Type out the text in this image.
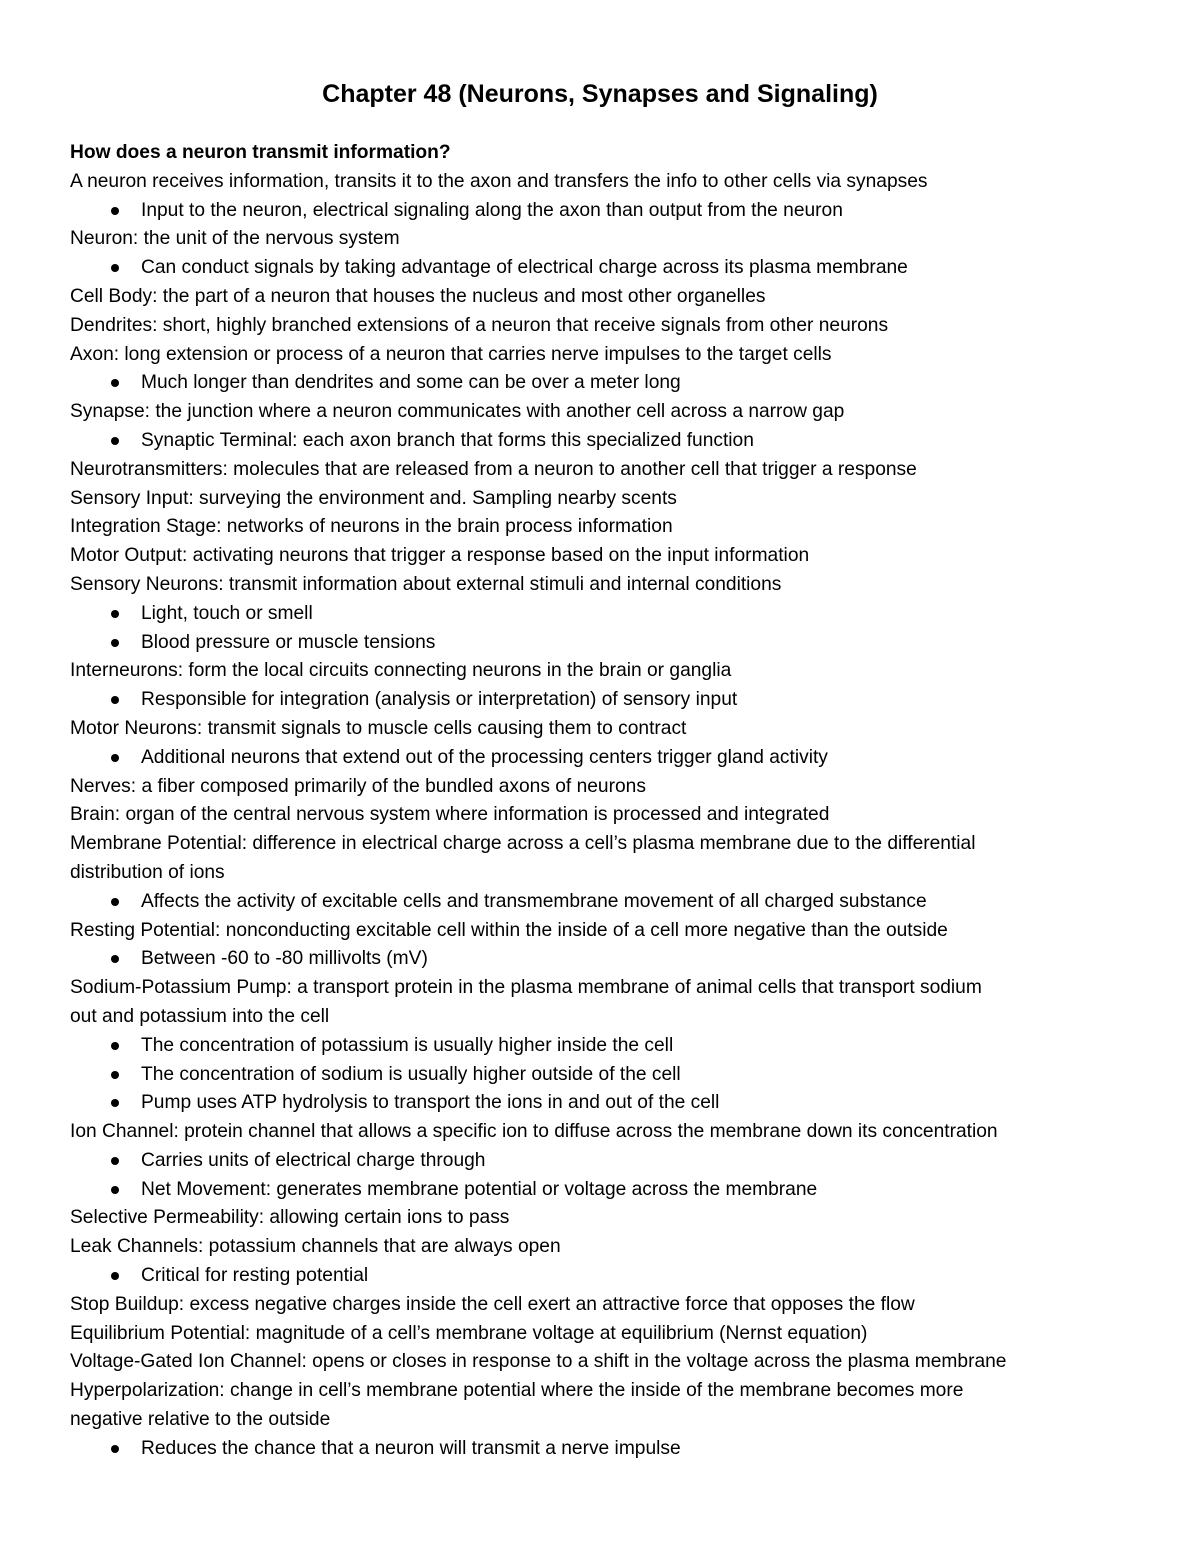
Chapter 48 (Neurons, Synapses and Signaling)
How does a neuron transmit information?
A neuron receives information, transits it to the axon and transfers the info to other cells via synapses
Input to the neuron, electrical signaling along the axon than output from the neuron
Neuron: the unit of the nervous system
Can conduct signals by taking advantage of electrical charge across its plasma membrane
Cell Body: the part of a neuron that houses the nucleus and most other organelles
Dendrites: short, highly branched extensions of a neuron that receive signals from other neurons
Axon: long extension or process of a neuron that carries nerve impulses to the target cells
Much longer than dendrites and some can be over a meter long
Synapse: the junction where a neuron communicates with another cell across a narrow gap
Synaptic Terminal: each axon branch that forms this specialized function
Neurotransmitters: molecules that are released from a neuron to another cell that trigger a response
Sensory Input: surveying the environment and. Sampling nearby scents
Integration Stage: networks of neurons in the brain process information
Motor Output: activating neurons that trigger a response based on the input information
Sensory Neurons: transmit information about external stimuli and internal conditions
Light, touch or smell
Blood pressure or muscle tensions
Interneurons: form the local circuits connecting neurons in the brain or ganglia
Responsible for integration (analysis or interpretation) of sensory input
Motor Neurons: transmit signals to muscle cells causing them to contract
Additional neurons that extend out of the processing centers trigger gland activity
Nerves: a fiber composed primarily of the bundled axons of neurons
Brain: organ of the central nervous system where information is processed and integrated
Membrane Potential: difference in electrical charge across a cell’s plasma membrane due to the differential
distribution of ions
Affects the activity of excitable cells and transmembrane movement of all charged substance
Resting Potential: nonconducting excitable cell within the inside of a cell more negative than the outside
Between -60 to -80 millivolts (mV)
Sodium-Potassium Pump: a transport protein in the plasma membrane of animal cells that transport sodium
out and potassium into the cell
The concentration of potassium is usually higher inside the cell
The concentration of sodium is usually higher outside of the cell
Pump uses ATP hydrolysis to transport the ions in and out of the cell
Ion Channel: protein channel that allows a specific ion to diffuse across the membrane down its concentration
Carries units of electrical charge through
Net Movement: generates membrane potential or voltage across the membrane
Selective Permeability: allowing certain ions to pass
Leak Channels: potassium channels that are always open
Critical for resting potential
Stop Buildup: excess negative charges inside the cell exert an attractive force that opposes the flow
Equilibrium Potential: magnitude of a cell’s membrane voltage at equilibrium (Nernst equation)
Voltage-Gated Ion Channel: opens or closes in response to a shift in the voltage across the plasma membrane
Hyperpolarization: change in cell’s membrane potential where the inside of the membrane becomes more
negative relative to the outside
Reduces the chance that a neuron will transmit a nerve impulse
